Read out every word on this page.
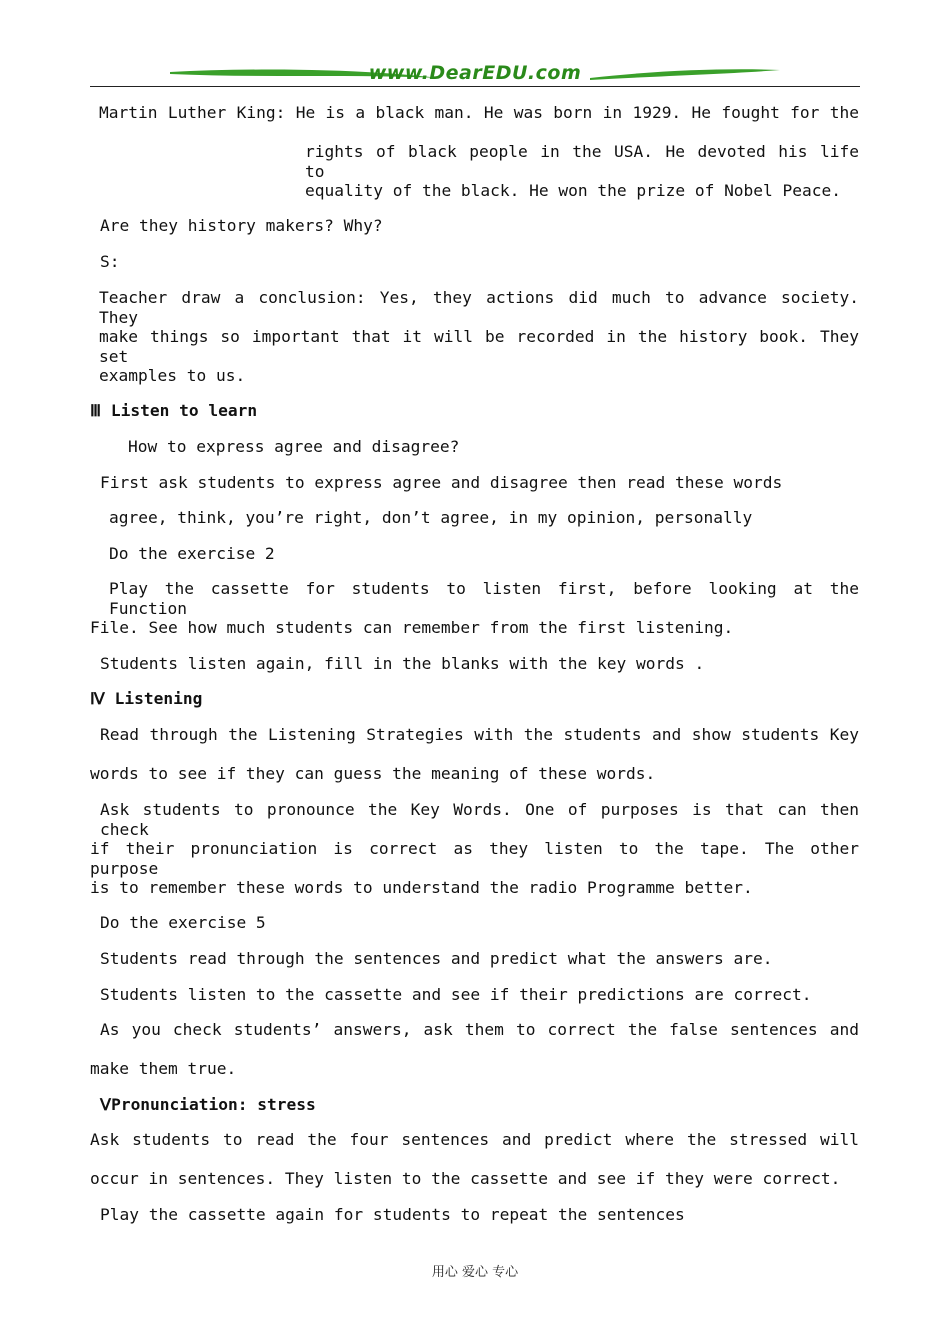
www.DearEDU.com
Martin Luther King: He is a black man. He was born in 1929. He fought for the
rights of black people in the USA. He devoted his life to
equality of the black. He won the prize of Nobel Peace.
Are they history makers? Why?
S:
Teacher draw a conclusion: Yes, they actions did much to advance society. They
make things so important that it will be recorded in the history book. They set
examples to us.
Ⅲ Listen to learn
How to express agree and disagree?
First ask students to express agree and disagree then read these words
agree, think, you’re right, don’t agree, in my opinion, personally
Do the exercise 2
Play the cassette for students to listen first, before looking at the Function
File. See how much students can remember from the first listening.
Students listen again, fill in the blanks with the key words .
Ⅳ Listening
Read through the Listening Strategies with the students and show students Key
words to see if they can guess the meaning of these words.
Ask students to pronounce the Key Words. One of purposes is that can then check
if their pronunciation is correct as they listen to the tape. The other purpose
is to remember these words to understand the radio Programme better.
Do the exercise 5
Students read through the sentences and predict what the answers are.
Students listen to the cassette and see if their predictions are correct.
As you check students’ answers, ask them to correct the false sentences and
make them true.
ⅤPronunciation: stress
Ask students to read the four sentences and predict where the stressed will
occur in sentences. They listen to the cassette and see if they were correct.
Play the cassette again for students to repeat the sentences
用心 爱心 专心
